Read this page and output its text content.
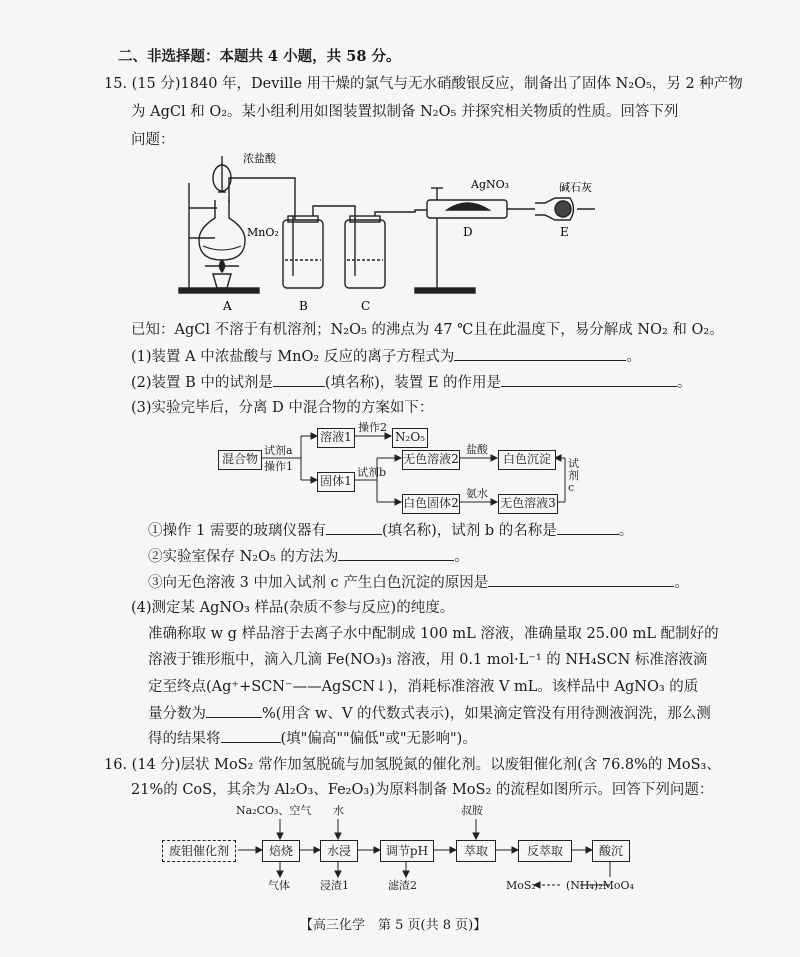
二、非选择题：本题共 4 小题，共 58 分。
15. (15 分)1840 年，Deville 用干燥的氯气与无水硝酸银反应，制备出了固体 N₂O₅，另 2 种产物
为 AgCl 和 O₂。某小组利用如图装置拟制备 N₂O₅ 并探究相关物质的性质。回答下列
问题：
浓盐酸
MnO₂
AgNO₃	碱石灰
A	B	C
D	E
已知：AgCl 不溶于有机溶剂；N₂O₅ 的沸点为 47 ℃且在此温度下，易分解成 NO₂ 和 O₂。
(1)装置 A 中浓盐酸与 MnO₂ 反应的离子方程式为	。
(2)装置 B 中的试剂是	(填名称)，装置 E 的作用是	。
(3)实验完毕后，分离 D 中混合物的方案如下：
混合物
试剂a
操作1
溶液1
操作2
N₂O₅
固体1
试剂b
无色溶液2
盐酸
白色沉淀	试剂c
白色固体2
氨水
无色溶液3
①操作 1 需要的玻璃仪器有	(填名称)，试剂 b 的名称是	。
②实验室保存 N₂O₅ 的方法为	。
③向无色溶液 3 中加入试剂 c 产生白色沉淀的原因是	。
(4)测定某 AgNO₃ 样品(杂质不参与反应)的纯度。
准确称取 w g 样品溶于去离子水中配制成 100 mL 溶液，准确量取 25.00 mL 配制好的
溶液于锥形瓶中，滴入几滴 Fe(NO₃)₃ 溶液，用 0.1 mol·L⁻¹ 的 NH₄SCN 标准溶液滴
定至终点(Ag⁺+SCN⁻——AgSCN↓)，消耗标准溶液 V mL。该样品中 AgNO₃ 的质
量分数为	%(用含 w、V 的代数式表示)，如果滴定管没有用待测液润洗，那么测
得的结果将	(填"偏高""偏低"或"无影响")。
16. (14 分)层状 MoS₂ 常作加氢脱硫与加氢脱氮的催化剂。以废钼催化剂(含 76.8%的 MoS₃、
21%的 CoS，其余为 Al₂O₃、Fe₂O₃)为原料制备 MoS₂ 的流程如图所示。回答下列问题：
废钼催化剂	焙烧	水浸	调节pH	萃取	反萃取	酸沉
Na₂CO₃、空气 水	叔胺
气体	浸渣1	滤渣2	MoS₂	(NH₄)₂MoO₄
【高三化学　第 5 页(共 8 页)】
